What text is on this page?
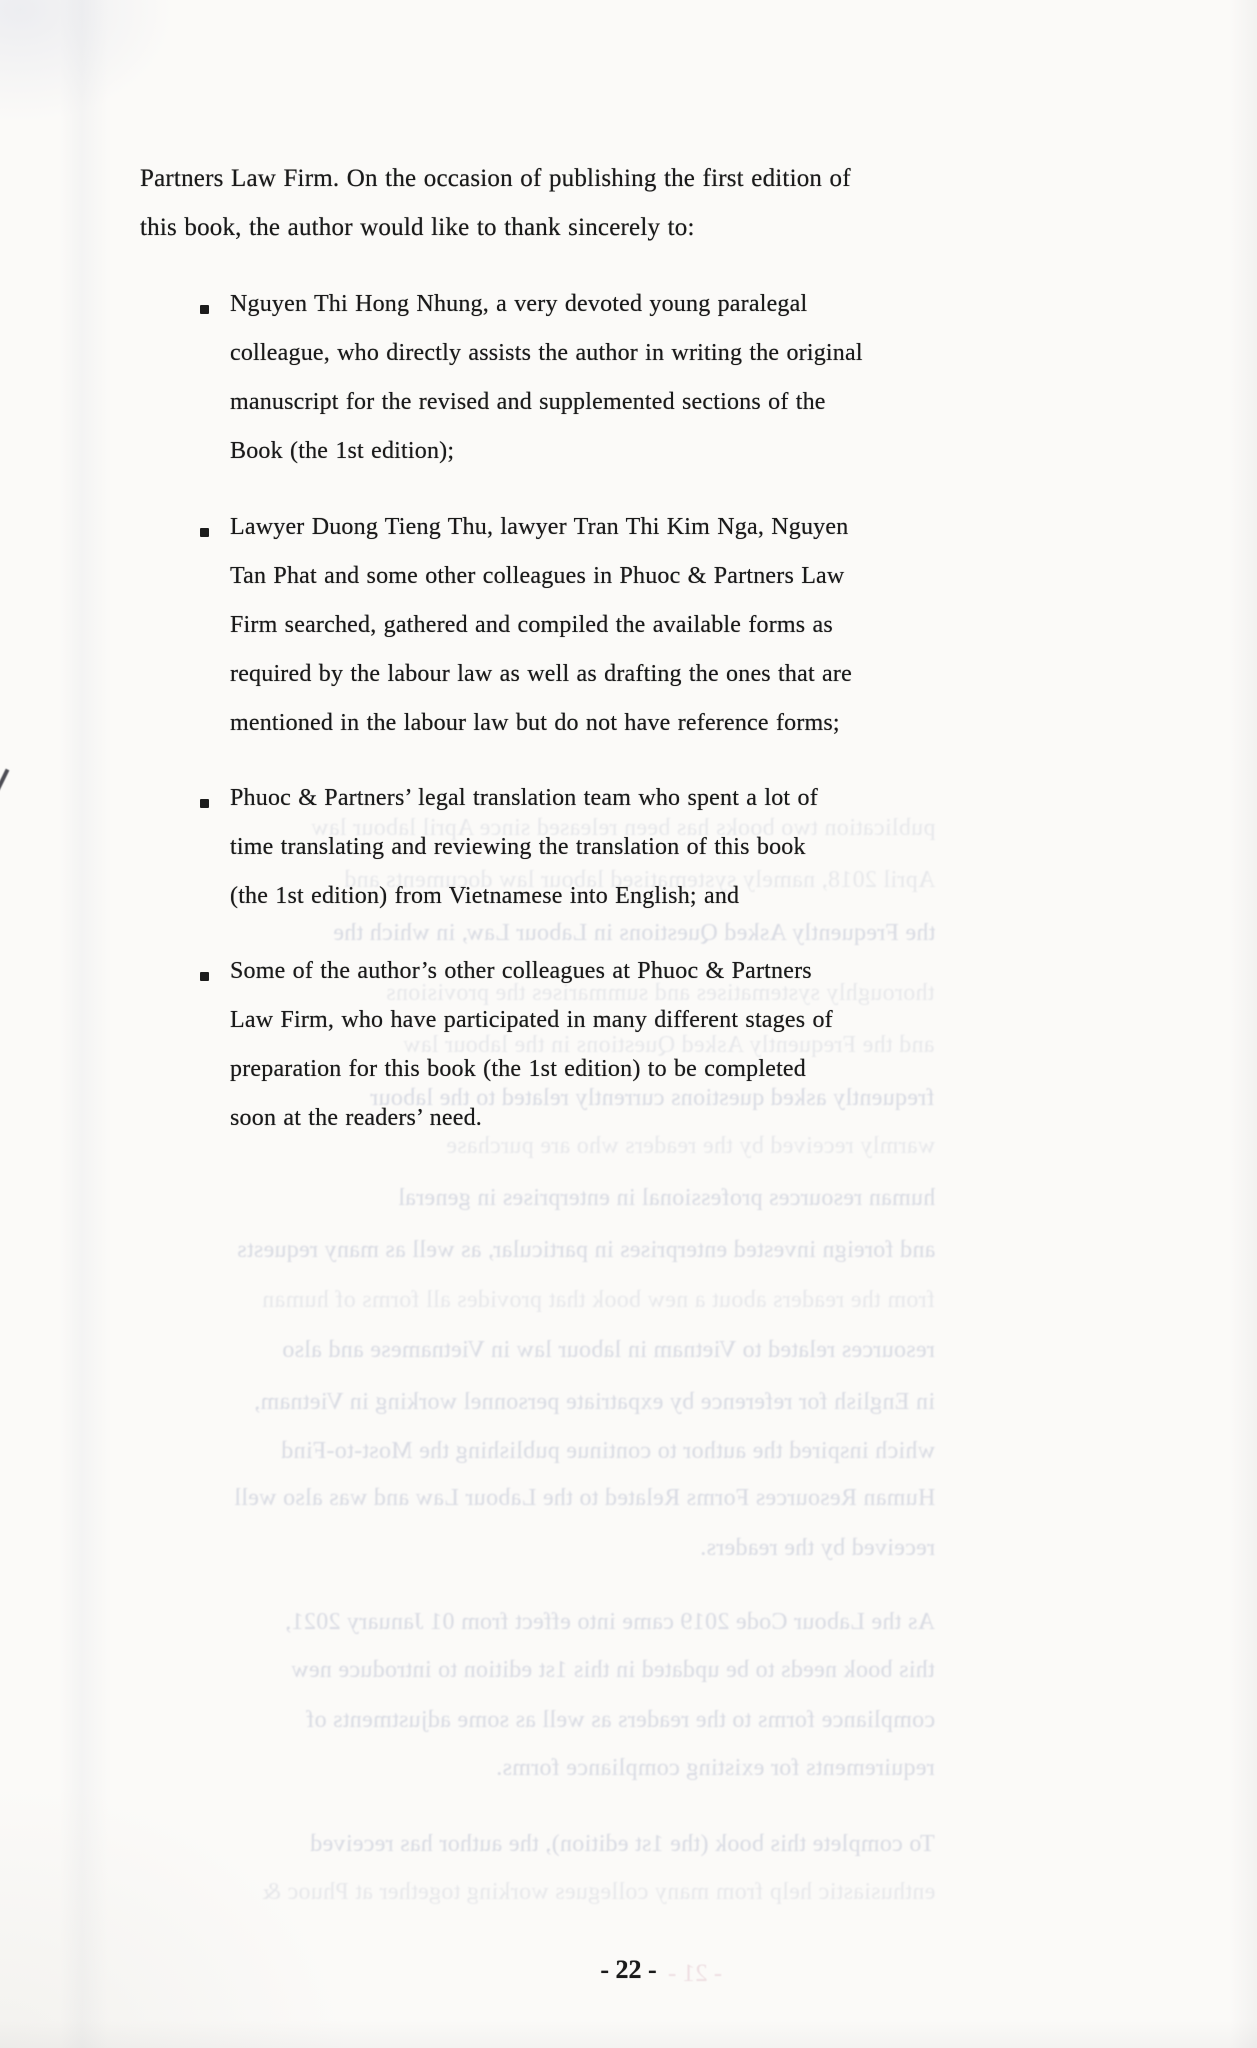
publication two books has been released since April labour law
April 2018, namely systematised labour law documents and
the Frequently Asked Questions in Labour Law, in which the
thoroughly systematises and summarises the provisions
and the Frequently Asked Questions in the labour law
frequently asked questions currently related to the labour
warmly received by the readers who are purchase
human resources professional in enterprises in general
and foreign invested enterprises in particular, as well as many requests
from the readers about a new book that provides all forms of human
resources related to Vietnam in labour law in Vietnamese and also
in English for reference by expatriate personnel working in Vietnam,
which inspired the author to continue publishing the Most-to-Find
Human Resources Forms Related to the Labour Law and was also well
received by the readers.
As the Labour Code 2019 came into effect from 01 January 2021,
this book needs to be updated in this 1st edition to introduce new
compliance forms to the readers as well as some adjustments of
requirements for existing compliance forms.
To complete this book (the 1st edition), the author has received
enthusiastic help from many collegues working together at Phuoc &
Partners Law Firm. On the occasion of publishing the first edition of
this book, the author would like to thank sincerely to:
Nguyen Thi Hong Nhung, a very devoted young paralegal
colleague, who directly assists the author in writing the original
manuscript for the revised and supplemented sections of the
Book (the 1st edition);
Lawyer Duong Tieng Thu, lawyer Tran Thi Kim Nga, Nguyen
Tan Phat and some other colleagues in Phuoc & Partners Law
Firm searched, gathered and compiled the available forms as
required by the labour law as well as drafting the ones that are
mentioned in the labour law but do not have reference forms;
Phuoc & Partners’ legal translation team who spent a lot of
time translating and reviewing the translation of this book
(the 1st edition) from Vietnamese into English; and
Some of the author’s other colleagues at Phuoc & Partners
Law Firm, who have participated in many different stages of
preparation for this book (the 1st edition) to be completed
soon at the readers’ need.
- 22 - - 21 -
